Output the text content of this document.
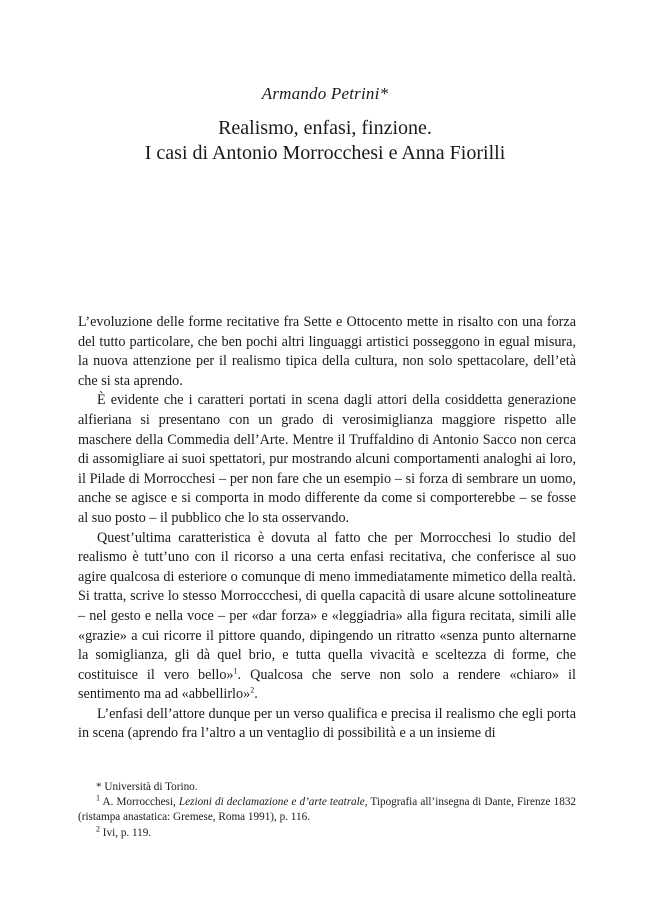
Armando Petrini*
Realismo, enfasi, finzione.
I casi di Antonio Morrocchesi e Anna Fiorilli

L’evoluzione delle forme recitative fra Sette e Ottocento mette in risalto con una forza del tutto particolare, che ben pochi altri linguaggi artistici posseggono in egual misura, la nuova attenzione per il realismo tipica della cultura, non solo spettacolare, dell’età che si sta aprendo.

È evidente che i caratteri portati in scena dagli attori della cosiddetta generazione alfieriana si presentano con un grado di verosimiglianza maggiore rispetto alle maschere della Commedia dell’Arte. Mentre il Truffaldino di Antonio Sacco non cerca di assomigliare ai suoi spettatori, pur mostrando alcuni comportamenti analoghi ai loro, il Pilade di Morrocchesi – per non fare che un esempio – si forza di sembrare un uomo, anche se agisce e si comporta in modo differente da come si comporterebbe – se fosse al suo posto – il pubblico che lo sta osservando.

Quest’ultima caratteristica è dovuta al fatto che per Morrocchesi lo studio del realismo è tutt’uno con il ricorso a una certa enfasi recitativa, che conferisce al suo agire qualcosa di esteriore o comunque di meno immediatamente mimetico della realtà. Si tratta, scrive lo stesso Morroccchesi, di quella capacità di usare alcune sottolineature – nel gesto e nella voce – per «dar forza» e «leggiadria» alla figura recitata, simili alle «grazie» a cui ricorre il pittore quando, dipingendo un ritratto «senza punto alternarne la somiglianza, gli dà quel brio, e tutta quella vivacità e sceltezza di forme, che costituisce il vero bello»$^1$. Qualcosa che serve non solo a rendere «chiaro» il sentimento ma ad «abbellirlo»$^2$.

L’enfasi dell’attore dunque per un verso qualifica e precisa il realismo che egli porta in scena (aprendo fra l’altro a un ventaglio di possibilità e a un insieme di

* Università di Torino.

$^1$ A. Morrocchesi, Lezioni di declamazione e d’arte teatrale, Tipografia all’insegna di Dante, Firenze 1832 (ristampa anastatica: Gremese, Roma 1991), p. 116.

$^2$ Ivi, p. 119.
